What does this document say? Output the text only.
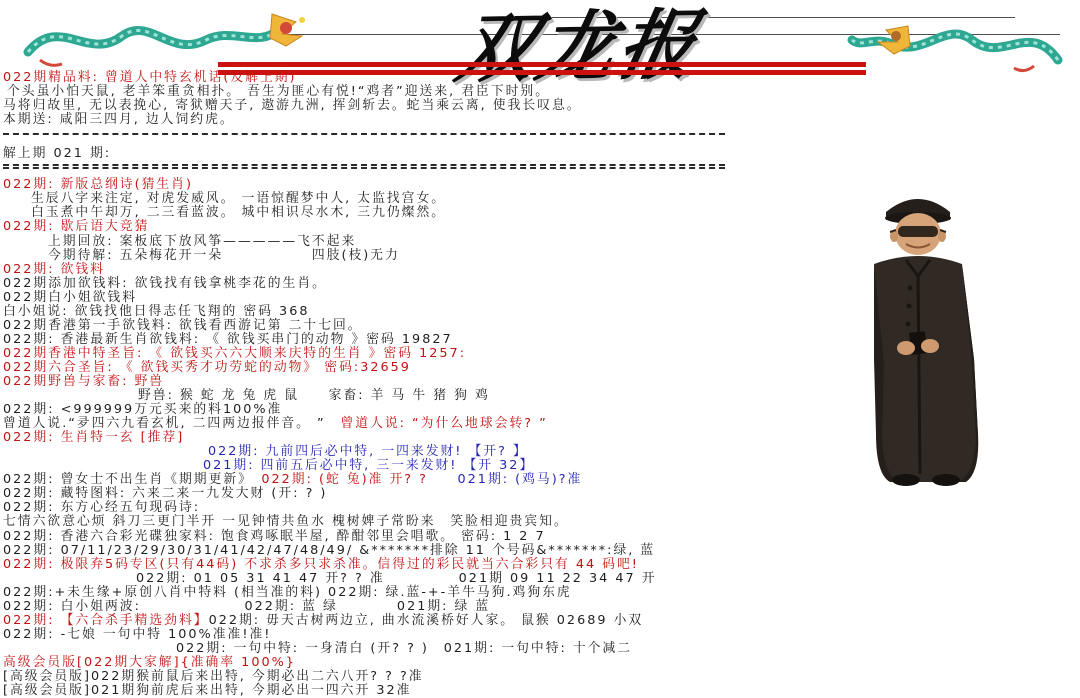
双龙报
022期精品料: 曾道人中特玄机话(及解上期)
个头虽小怕天鼠, 老羊笨重贪相扑。 吾生为匪心有悦!“鸡者”迎送来, 君臣下时别。
马将归故里, 无以表挽心, 寄狱赠天子, 遨游九洲, 挥剑斩去。蛇当乘云离, 使我长叹息。
本期送: 咸阳三四月, 边人饲约虎。
解上期 021 期:
022期: 新版总纲诗(猜生肖)
生辰八字来注定, 对虎发威风。 一语惊醒梦中人, 太监找宫女。
白玉煮中午却万, 二三看蓝波。 城中相识尽水木, 三九仍燦然。
022期: 歇后语大竞猜
上期回放: 案板底下放风筝—————飞不起来
今期待解: 五朵梅花开一朵　　　　　　四肢(枝)无力
022期: 欲钱料
022期添加欲钱料: 欲钱找有钱拿桃李花的生肖。
022期白小姐欲钱料
白小姐说: 欲钱找他日得志任飞翔的 密码 368
022期香港第一手欲钱料: 欲钱看西游记第 二十七回。
022期: 香港最新生肖欲钱料: 《 欲钱买串门的动物 》密码 19827
022期香港中特圣旨: 《 欲钱买六六大顺来庆特的生肖 》密码 1257:
022期六合圣旨: 《 欲钱买秀才功劳蛇的动物》 密码:32659
022期野兽与家畜: 野兽
野兽: 猴 蛇 龙 兔 虎 鼠　　家畜: 羊 马 牛 猪 狗 鸡
022期: <999999万元买来的料100%准
曾道人说.“夛四六九看玄机, 二四两边报伴音。 ”　曾道人说: “为什么地球会转? ”
022期: 生肖特一玄 [推荐]
022期: 九前四后必中特, 一四来发财! 【开? 】
021期: 四前五后必中特, 三一来发财! 【开 32】
022期: 曾女士不出生肖《期期更新》　022期: (蛇 兔)准 开? ?　　021期: (鸡马)?准
022期: 藏特图料: 六来二来一九发大财 (开: ? )
022期: 东方心经五句现码诗:
七情六欲意心烦 斜刀三更门半开 一见钟情共鱼水 槐树婢子常盼来　笑脸相迎贵宾知。
022期: 香港六合彩光碟独家料: 饱食鸡啄眠半屋, 酔酣邻里会唱歌。 密码: 1 2 7
022期: 07/11/23/29/30/31/41/42/47/48/49/ &*******排除 11 个号码&*******:绿, 蓝
022期: 极限弃5码专区(只有44码) 不求杀多只求杀准。信得过的彩民就当六合彩只有 44 码吧!
022期: 01 05 31 41 47 开? ? 准　　　　　021期 09 11 22 34 47 开
022期:+未生缘+原创八肖中特料 (相当准的料) 022期: 绿.蓝-+-羊牛马狗.鸡狗东虎
022期: 白小姐两波:　　　　　　　022期: 蓝 绿　　　　021期: 绿 蓝
022期: 【六合杀手精选劲料】022期: 毋天古树两边立, 曲水流溪桥好人家。 鼠猴 02689 小双
022期: -七娘 一句中特 100%准准!准!
022期: 一句中特: 一身清白 (开? ? )　021期: 一句中特: 十个减二
高级会员版[022期大家解]{准确率 100%}
[高级会员版]022期猴前鼠后来出特, 今期必出二六八开? ? ?准
[高级会员版]021期狗前虎后来出特, 今期必出一四六开 32准
